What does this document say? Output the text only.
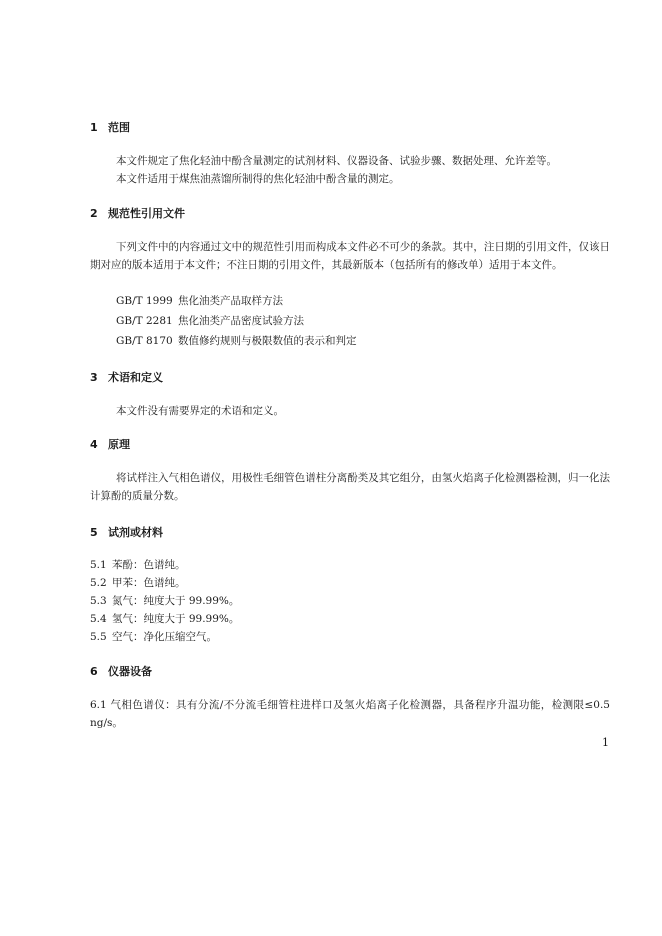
1 范围
本文件规定了焦化轻油中酚含量测定的试剂材料、仪器设备、试验步骤、数据处理、允许差等。
本文件适用于煤焦油蒸馏所制得的焦化轻油中酚含量的测定。
2 规范性引用文件
下列文件中的内容通过文中的规范性引用而构成本文件必不可少的条款。其中，注日期的引用文件，仅该日期对应的版本适用于本文件；不注日期的引用文件，其最新版本（包括所有的修改单）适用于本文件。
GB/T 1999 焦化油类产品取样方法
GB/T 2281 焦化油类产品密度试验方法
GB/T 8170 数值修约规则与极限数值的表示和判定
3 术语和定义
本文件没有需要界定的术语和定义。
4 原理
将试样注入气相色谱仪，用极性毛细管色谱柱分离酚类及其它组分，由氢火焰离子化检测器检测，归一化法计算酚的质量分数。
5 试剂或材料
5.1 苯酚：色谱纯。
5.2 甲苯：色谱纯。
5.3 氮气：纯度大于 99.99%。
5.4 氢气：纯度大于 99.99%。
5.5 空气：净化压缩空气。
6 仪器设备
6.1 气相色谱仪：具有分流/不分流毛细管柱进样口及氢火焰离子化检测器，具备程序升温功能，检测限≤0.5 ng/s。
1
